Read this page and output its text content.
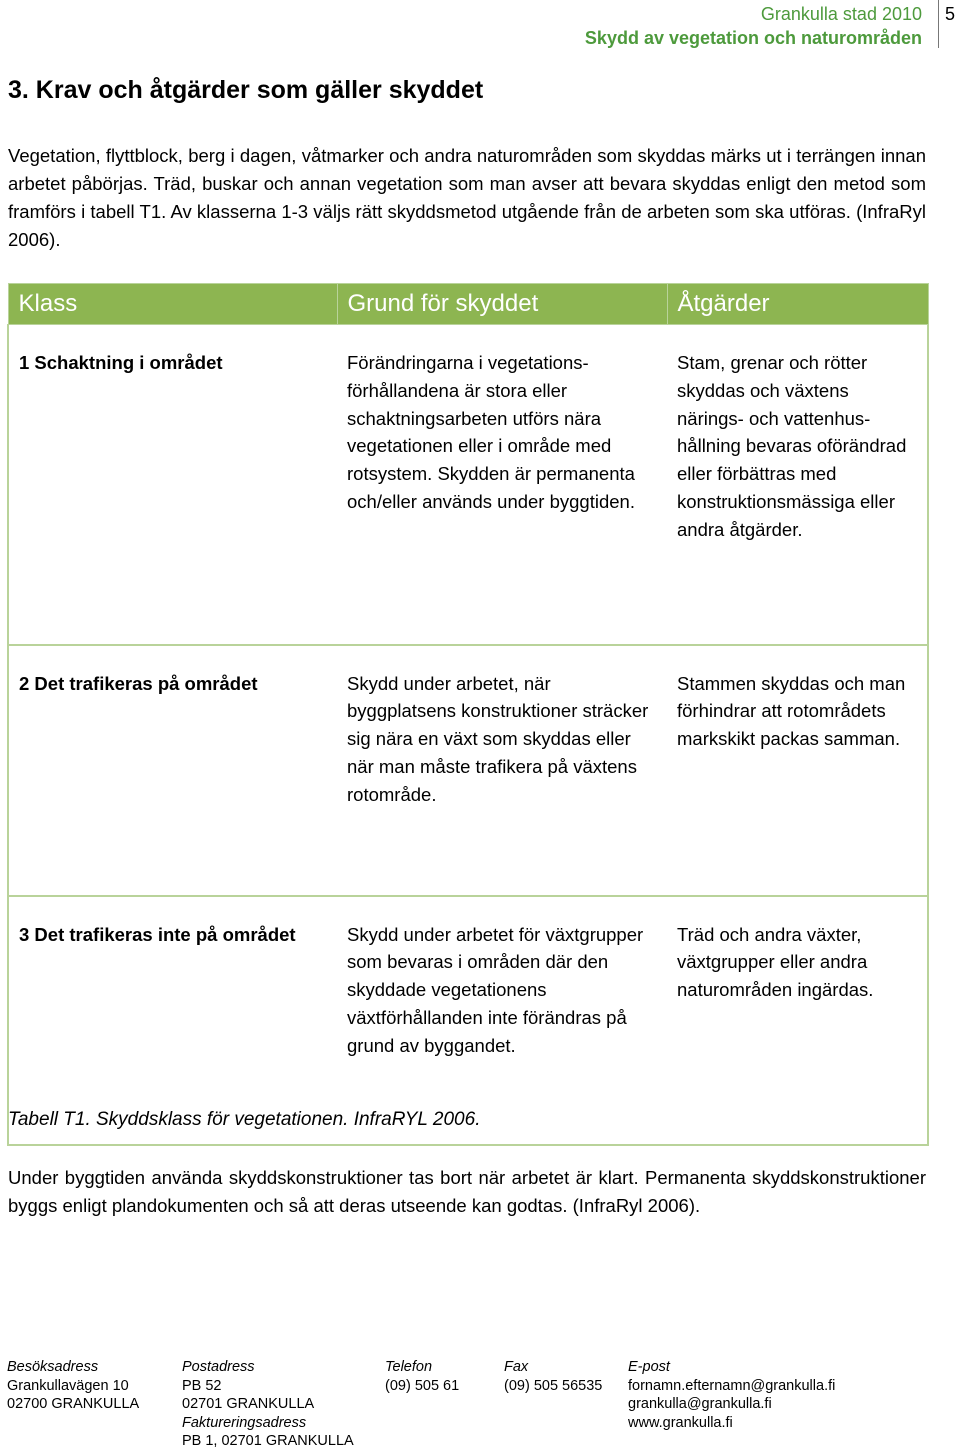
Grankulla stad 2010
Skydd av vegetation och naturområden
5
3. Krav och åtgärder som gäller skyddet

Vegetation, flyttblock, berg i dagen, våtmarker och andra naturområden som skyddas märks ut i terrängen innan arbetet påbörjas. Träd, buskar och annan vegetation som man avser att bevara skyddas enligt den metod som framförs i tabell T1. Av klasserna 1-3 väljs rätt skyddsmetod utgående från de arbeten som ska utföras. (InfraRyl 2006).

Klass	Grund för skyddet	Åtgärder
1 Schaktning i området	Förändringarna i vegetations-förhållandena är stora eller schaktningsarbeten utförs nära vegetationen eller i område med rotsystem. Skydden är permanenta och/eller används under byggtiden.	Stam, grenar och rötter skyddas och växtens närings- och vattenhus-hållning bevaras oförändrad eller förbättras med konstruktionsmässiga eller andra åtgärder.
2 Det trafikeras på området	Skydd under arbetet, när byggplatsens konstruktioner sträcker sig nära en växt som skyddas eller när man måste trafikera på växtens rotområde.	Stammen skyddas och man förhindrar att rotområdets markskikt packas samman.
3 Det trafikeras inte på området	Skydd under arbetet för växtgrupper som bevaras i områden där den skyddade vegetationens växtförhållanden inte förändras på grund av byggandet.	Träd och andra växter, växtgrupper eller andra naturområden ingärdas.
Tabell T1. Skyddsklass för vegetationen. InfraRYL 2006.

Under byggtiden använda skyddskonstruktioner tas bort när arbetet är klart. Permanenta skyddskonstruktioner byggs enligt plandokumenten och så att deras utseende kan godtas. (InfraRyl 2006).

Besöksadress
Grankullavägen 10
02700 GRANKULLA
Postadress
PB 52
02701 GRANKULLA
Faktureringsadress
PB 1, 02701 GRANKULLA
Telefon
(09) 505 61
Fax
(09) 505 56535
E-post
fornamn.efternamn@grankulla.fi
grankulla@grankulla.fi
www.grankulla.fi
